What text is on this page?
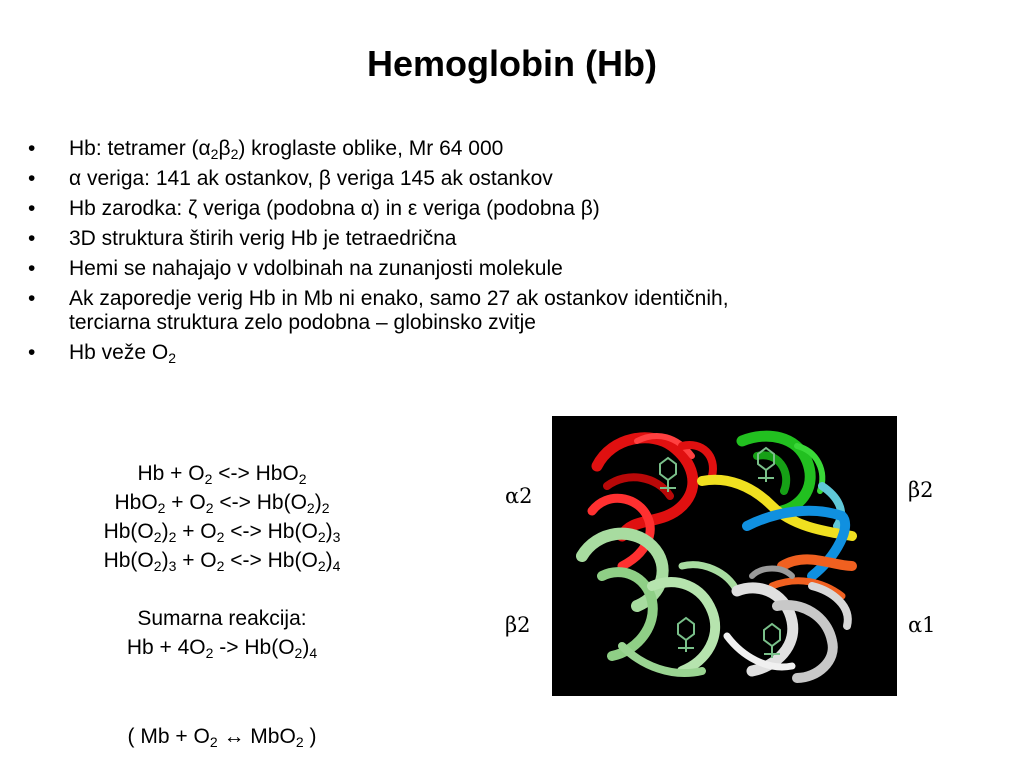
Hemoglobin (Hb)
• Hb: tetramer $(\alpha_2\beta_2)$ kroglaste oblike, Mr 64 000
• α veriga: 141 ak ostankov, β veriga 145 ak ostankov
• Hb zarodka: ζ veriga (podobna α) in ε veriga (podobna β)
• 3D struktura štirih verig Hb je tetraedrična
• Hemi se nahajajo v vdolbinah na zunanjosti molekule
• Ak zaporedje verig Hb in Mb ni enako, samo 27 ak ostankov identičnih,
terciarna struktura zelo podobna – globinsko zvitje
• Hb veže $O_2$
$Hb + O_2$ <-> HbO$_2$
$HbO_2 + O_2$ <-> $Hb(O_2)_2$
$Hb(O_2)_2 + O_2$ <-> $Hb(O_2)_3$
$Hb(O_2)_3 + O_2$ <-> $Hb(O_2)_4$
Sumarna reakcija:
$Hb + 4O_2 -> Hb(O_2)_4$
( $Mb + O_2$ ↔ MbO$_2$ )
α2	β2
β2	α1
